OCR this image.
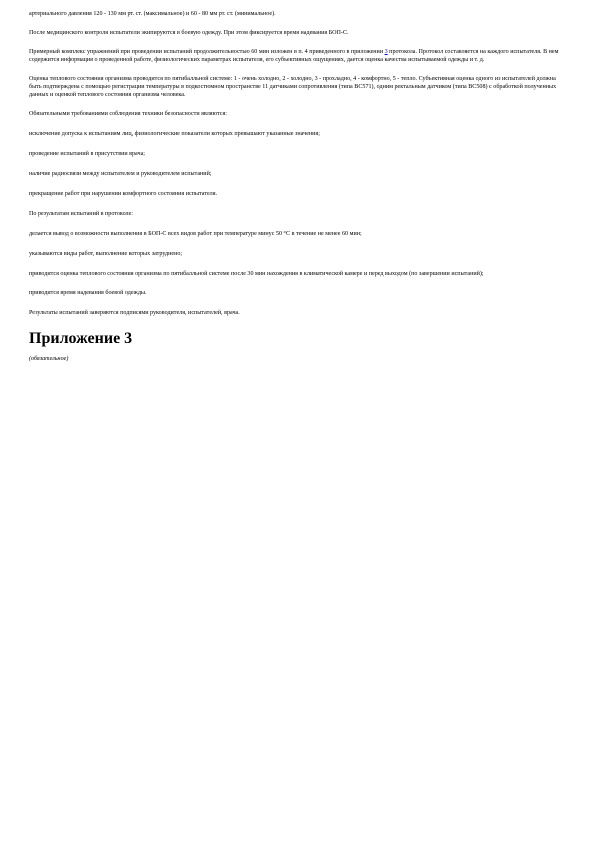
артериального давления 120 - 130 мм рт. ст. (максимальное) и 60 - 80 мм рт. ст. (минимальное).

После медицинского контроля испытатели экипируются в боевую одежду. При этом фиксируется время надевания БОП-С.

Примерный комплекс упражнений при проведении испытаний продолжительностью 60 мин изложен в п. 4 приведенного в приложении 3 протокола. Протокол составляется на каждого испытателя. В нем содержится информация о проведенной работе, физиологических параметрах испытателя, его субъективных ощущениях, дается оценка качества испытываемой одежды и т. д.

Оценка теплового состояния организма проводится по пятибалльной системе: 1 - очень холодно, 2 - холодно, 3 - прохладно, 4 - комфортно, 5 - тепло. Субъективная оценка одного из испытателей должна быть подтверждена с помощью регистрации температуры в подкостюмном пространстве 11 датчиками сопротивления (типа ВС571), одним ректальным датчиком (типа ВС508) с обработкой полученных данных и оценкой теплового состояния организма человека.

Обязательными требованиями соблюдения техники безопасности являются:

исключение допуска к испытаниям лиц, физиологические показатели которых превышают указанные значения;

проведение испытаний в присутствии врача;

наличие радиосвязи между испытателем и руководителем испытаний;

прекращение работ при нарушении комфортного состояния испытателя.

По результатам испытаний в протоколе:

делается вывод о возможности выполнения в БОП-С всех видов работ при температуре минус 50 °С в течение не менее 60 мин;

указываются виды работ, выполнение которых затруднено;

приводится оценка теплового состояния организма по пятибалльной системе после 30 мин нахождения в климатической камере и перед выходом (по завершении испытаний);

приводится время надевания боевой одежды.

Результаты испытаний заверяются подписями руководителя, испытателей, врача.

Приложение 3

(обязательное)
